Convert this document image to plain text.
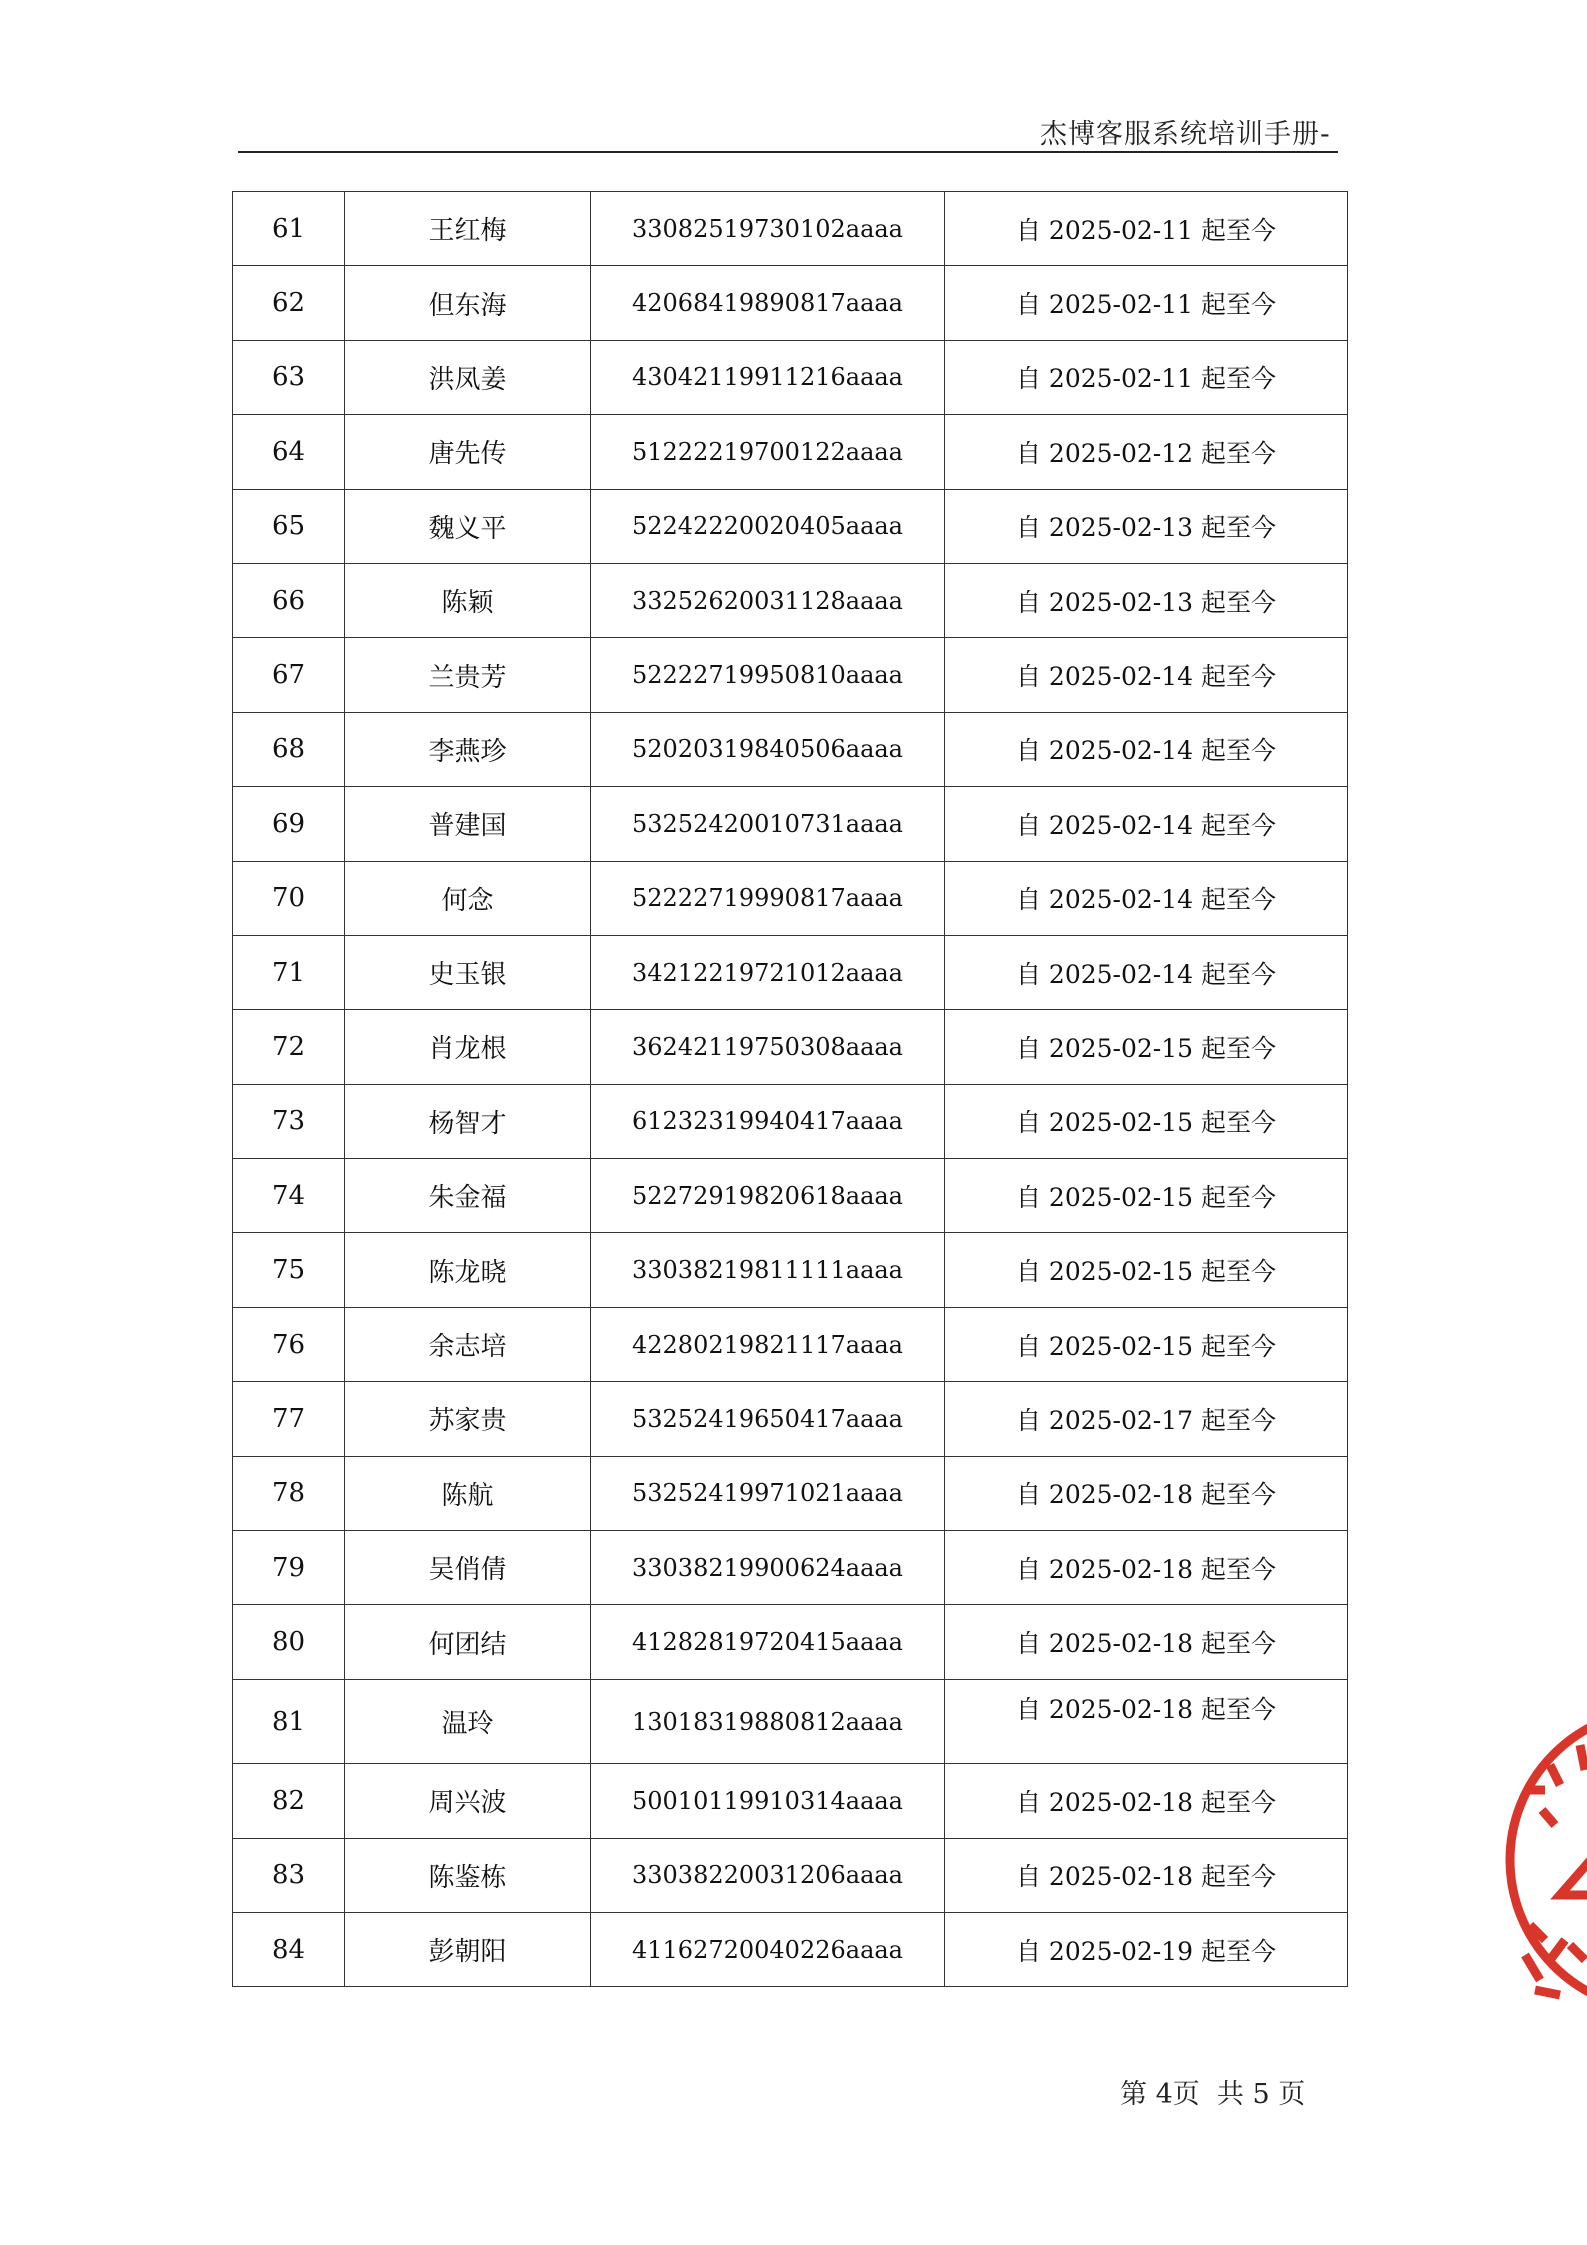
杰博客服系统培训手册-
61	王红梅	33082519730102aaaa	自 2025-02-11 起至今
62	但东海	42068419890817aaaa	自 2025-02-11 起至今
63	洪凤姜	43042119911216aaaa	自 2025-02-11 起至今
64	唐先传	51222219700122aaaa	自 2025-02-12 起至今
65	魏义平	52242220020405aaaa	自 2025-02-13 起至今
66	陈颖	33252620031128aaaa	自 2025-02-13 起至今
67	兰贵芳	52222719950810aaaa	自 2025-02-14 起至今
68	李燕珍	52020319840506aaaa	自 2025-02-14 起至今
69	普建国	53252420010731aaaa	自 2025-02-14 起至今
70	何念	52222719990817aaaa	自 2025-02-14 起至今
71	史玉银	34212219721012aaaa	自 2025-02-14 起至今
72	肖龙根	36242119750308aaaa	自 2025-02-15 起至今
73	杨智才	61232319940417aaaa	自 2025-02-15 起至今
74	朱金福	52272919820618aaaa	自 2025-02-15 起至今
75	陈龙晓	33038219811111aaaa	自 2025-02-15 起至今
76	余志培	42280219821117aaaa	自 2025-02-15 起至今
77	苏家贵	53252419650417aaaa	自 2025-02-17 起至今
78	陈航	53252419971021aaaa	自 2025-02-18 起至今
79	吴俏倩	33038219900624aaaa	自 2025-02-18 起至今
80	何团结	41282819720415aaaa	自 2025-02-18 起至今
81	温玲	13018319880812aaaa	自 2025-02-18 起至今
82	周兴波	50010119910314aaaa	自 2025-02-18 起至今
83	陈鉴栋	33038220031206aaaa	自 2025-02-18 起至今
84	彭朝阳	41162720040226aaaa	自 2025-02-19 起至今
第 4页  共 5 页
